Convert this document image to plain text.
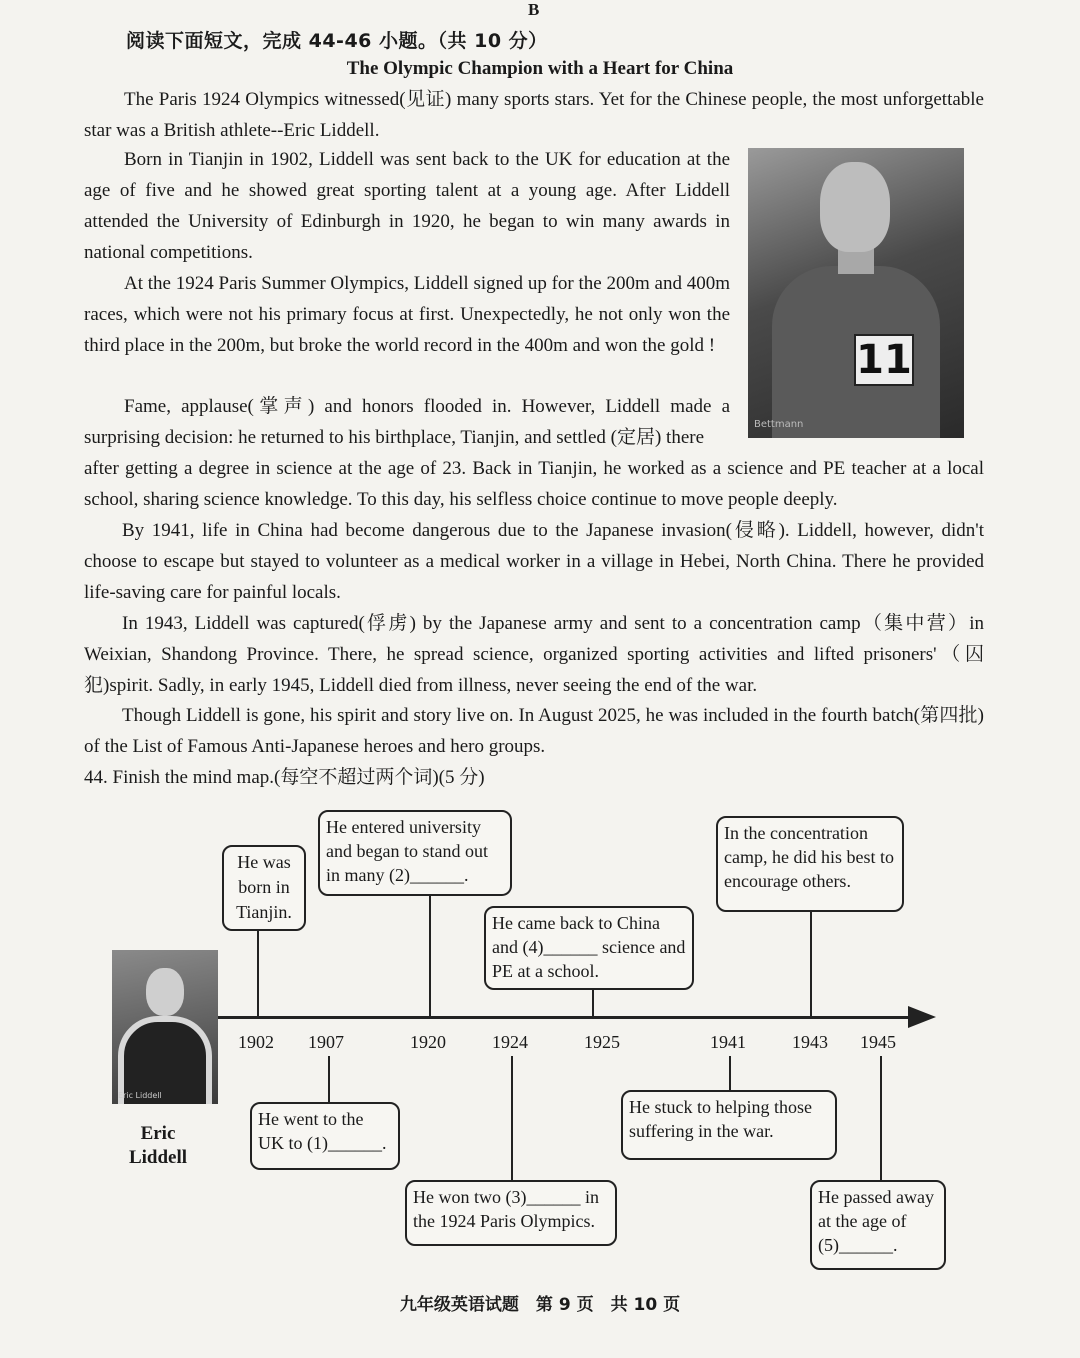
B
阅读下面短文，完成 44-46 小题。（共 10 分）
The Olympic Champion with a Heart for China
The Paris 1924 Olympics witnessed(见证) many sports stars. Yet for the Chinese people, the most unforgettable star was a British athlete--Eric Liddell.
Born in Tianjin in 1902, Liddell was sent back to the UK for education at the age of five and he showed great sporting talent at a young age. After Liddell attended the University of Edinburgh in 1920, he began to win many awards in national competitions.
At the 1924 Paris Summer Olympics, Liddell signed up for the 200m and 400m races, which were not his primary focus at first. Unexpectedly, he not only won the third place in the 200m, but broke the world record in the 400m and won the gold !
Fame, applause(掌声) and honors flooded in. However, Liddell made a surprising decision: he returned to his birthplace, Tianjin, and settled (定居) there
after getting a degree in science at the age of 23. Back in Tianjin, he worked as a science and PE teacher at a local school, sharing science knowledge. To this day, his selfless choice continue to move people deeply.
By 1941, life in China had become dangerous due to the Japanese invasion(侵略). Liddell, however, didn't choose to escape but stayed to volunteer as a medical worker in a village in Hebei, North China. There he provided life-saving care for painful locals.
In 1943, Liddell was captured(俘虏) by the Japanese army and sent to a concentration camp（集中营）in Weixian, Shandong Province. There, he spread science, organized sporting activities and lifted prisoners'（囚犯)spirit. Sadly, in early 1945, Liddell died from illness, never seeing the end of the war.
Though Liddell is gone, his spirit and story live on. In August 2025, he was included in the fourth batch(第四批) of the List of Famous Anti-Japanese heroes and hero groups.
11
Bettmann
44. Finish the mind map.(每空不超过两个词)(5 分)
Eric Liddell
Eric Liddell
1902 1907	1920	1924	1925	1941	1943 1945
He was born in Tianjin.
He went to the UK to (1)______.
He entered university and began to stand out in many (2)______.
He won two (3)______ in the 1924 Paris Olympics.
He came back to China and (4)______ science and PE at a school.
He stuck to helping those suffering in the war.
In the concentration camp, he did his best to encourage others.
He passed away at the age of (5)______.
九年级英语试题　第 9 页　共 10 页
